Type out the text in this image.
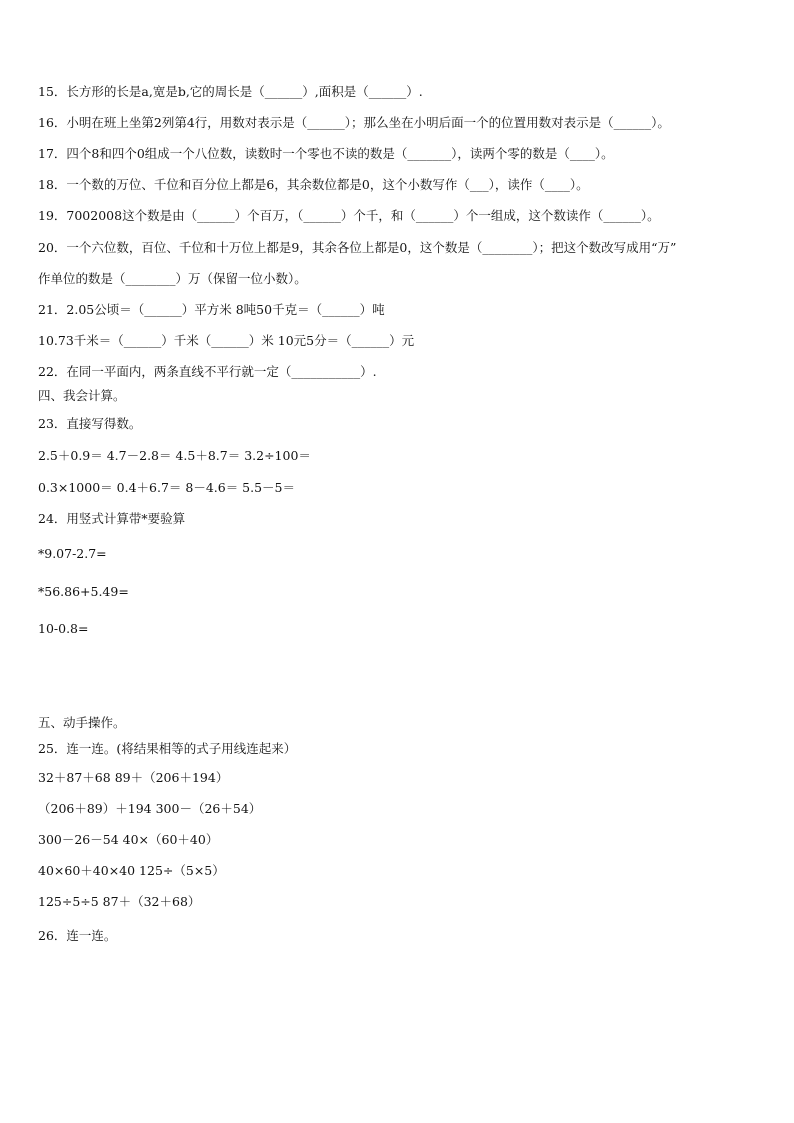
15．长方形的长是a,宽是b,它的周长是（______）,面积是（______）.
16．小明在班上坐第2列第4行，用数对表示是（______）；那么坐在小明后面一个的位置用数对表示是（______）。
17．四个8和四个0组成一个八位数，读数时一个零也不读的数是（_______），读两个零的数是（____）。
18．一个数的万位、千位和百分位上都是6，其余数位都是0，这个小数写作（___），读作（____）。
19．7002008这个数是由（______）个百万，（______）个千，和（______）个一组成，这个数读作（______）。
20．一个六位数，百位、千位和十万位上都是9，其余各位上都是0，这个数是（________）；把这个数改写成用“万”
作单位的数是（________）万（保留一位小数）。
21．2.05公顷＝（______）平方米 8吨50千克＝（______）吨
10.73千米＝（______）千米（______）米 10元5分＝（______）元
22．在同一平面内，两条直线不平行就一定（___________）.
四、我会计算。
23．直接写得数。
2.5＋0.9＝ 4.7－2.8＝ 4.5＋8.7＝ 3.2÷100＝
0.3×1000＝ 0.4＋6.7＝ 8－4.6＝ 5.5－5＝
24．用竖式计算带*要验算
*9.07-2.7=
*56.86+5.49=
10-0.8=
五、动手操作。
25．连一连。(将结果相等的式子用线连起来）
32＋87＋68 89＋（206＋194）
（206＋89）＋194 300－（26＋54）
300－26－54 40×（60＋40）
40×60＋40×40 125÷（5×5）
125÷5÷5 87＋（32＋68）
26．连一连。
